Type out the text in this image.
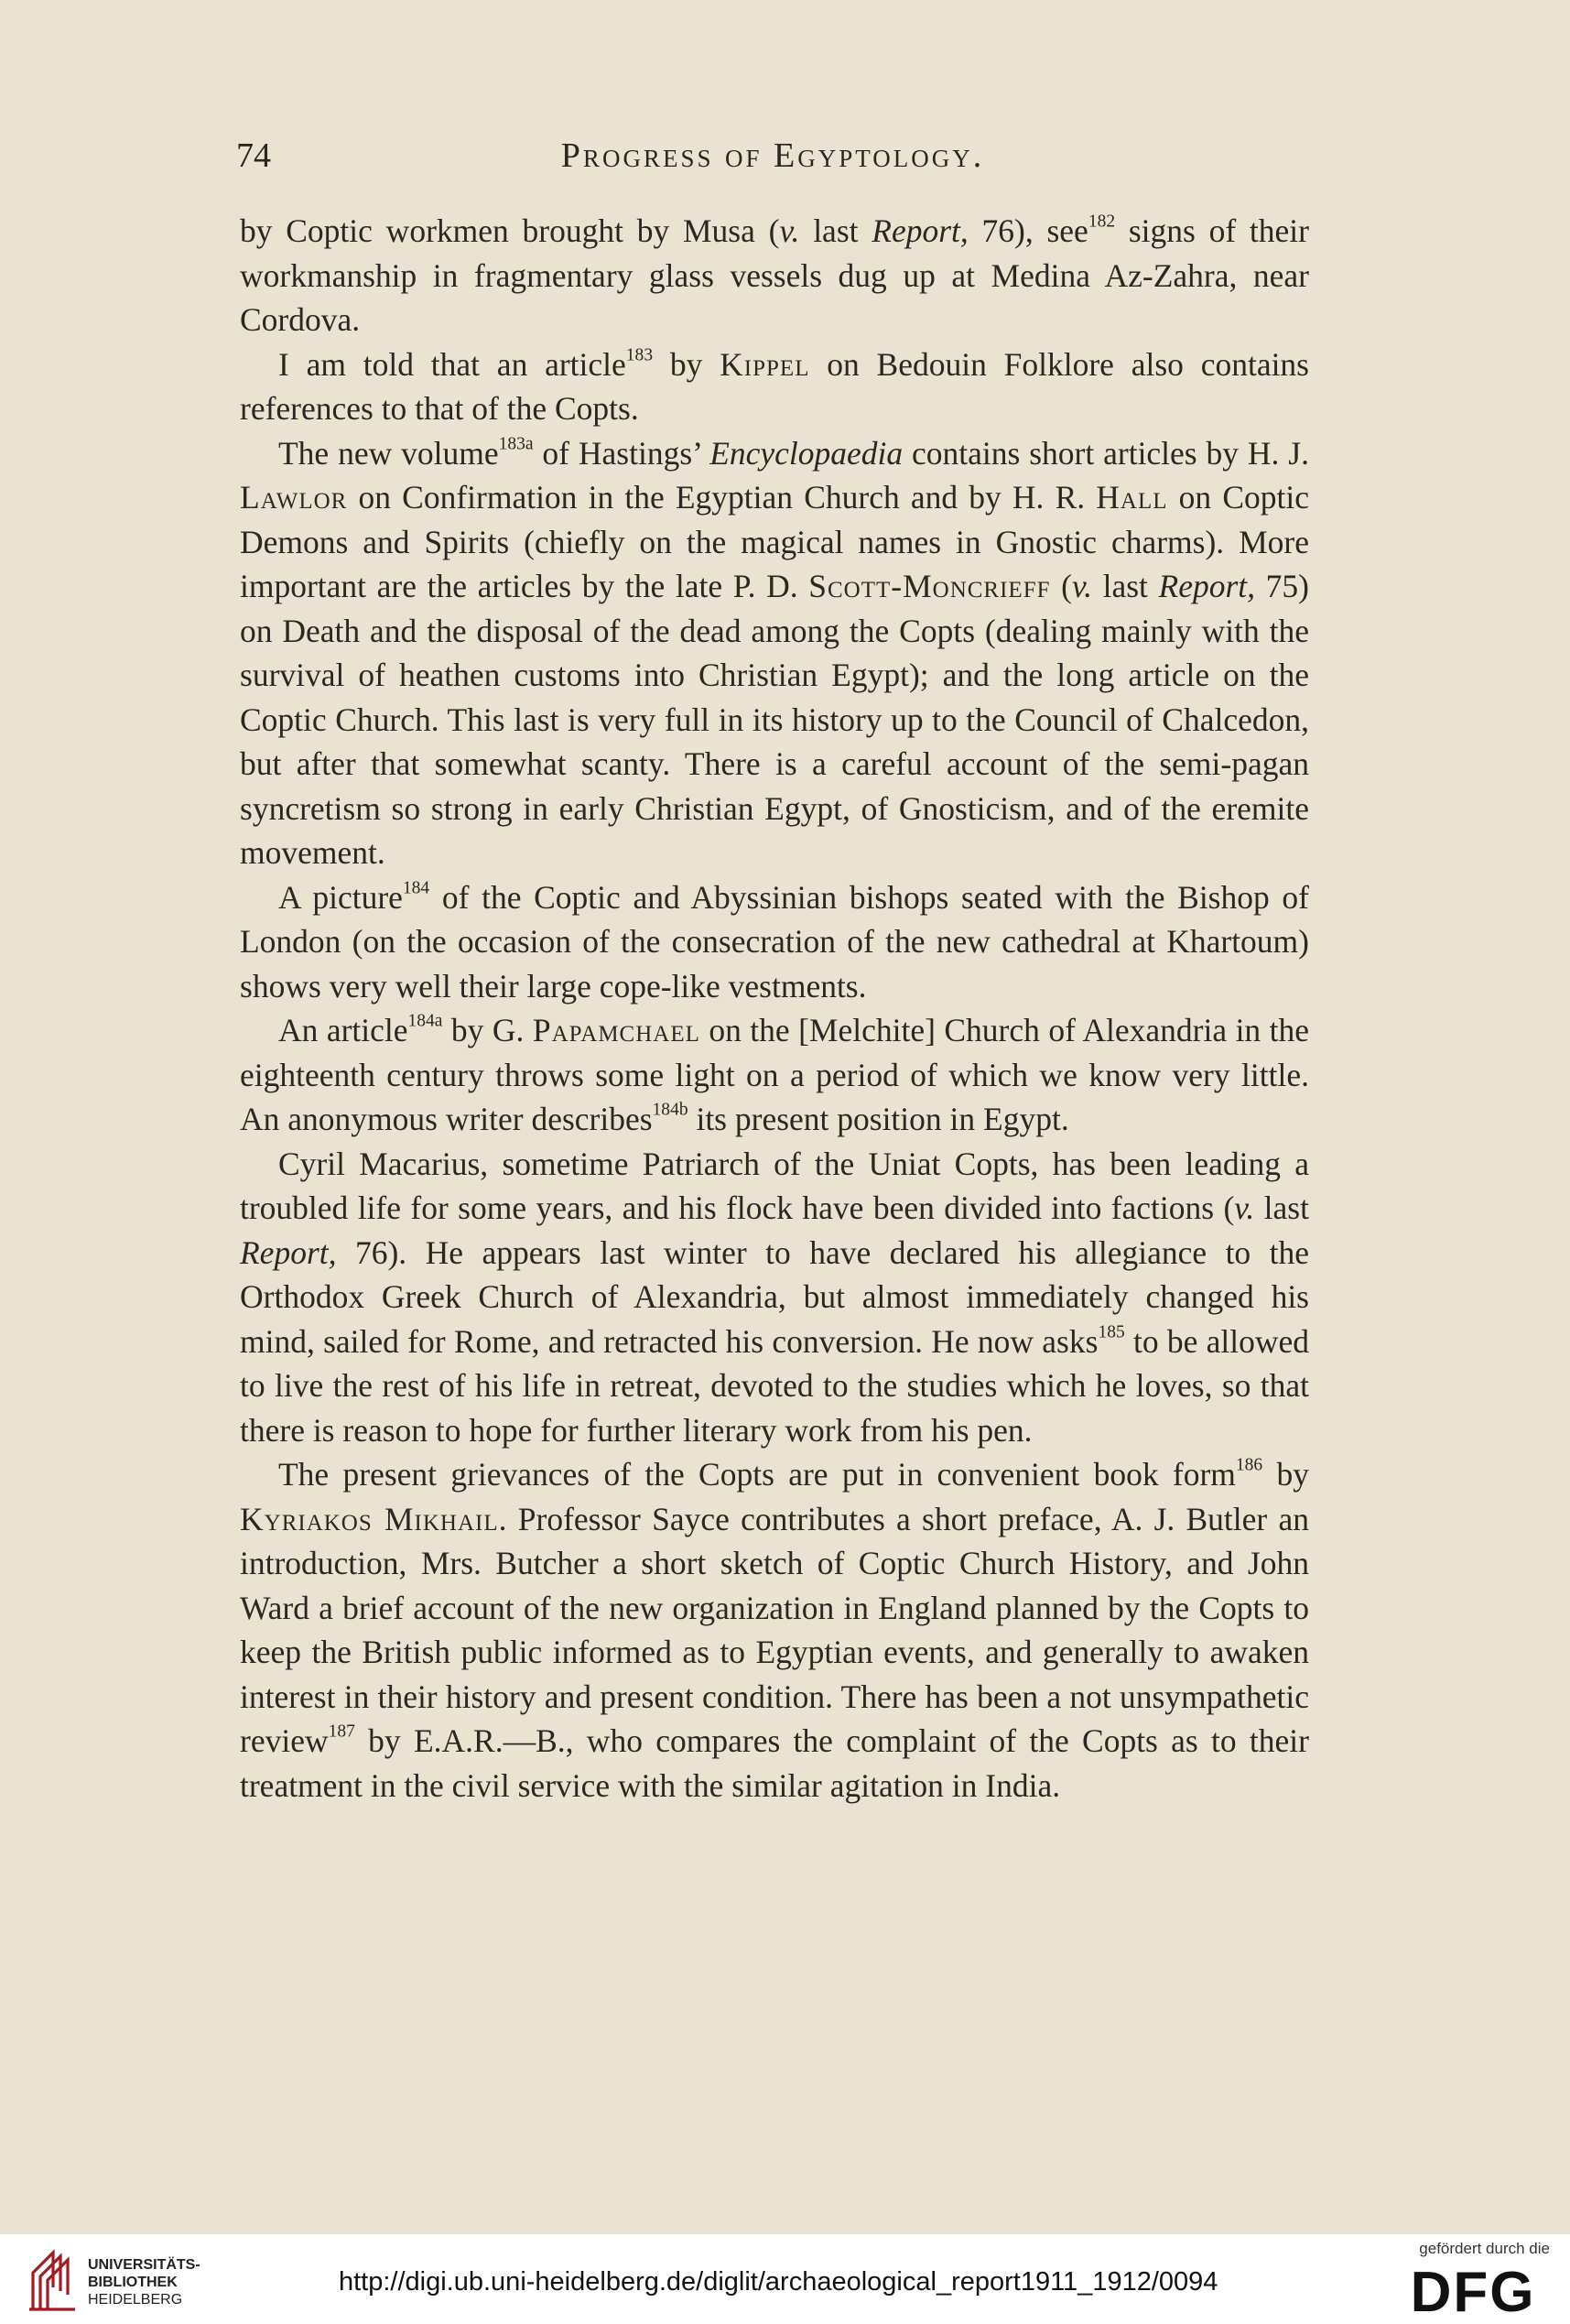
74	Progress of Egyptology.

by Coptic workmen brought by Musa (v. last Report, 76), see$^{182}$ signs of their workmanship in fragmentary glass vessels dug up at Medina Az-Zahra, near Cordova.

I am told that an article$^{183}$ by Kippel on Bedouin Folklore also contains references to that of the Copts.

The new volume$^{183a}$ of Hastings’ Encyclopaedia contains short articles by H. J. Lawlor on Confirmation in the Egyptian Church and by H. R. Hall on Coptic Demons and Spirits (chiefly on the magical names in Gnostic charms). More important are the articles by the late P. D. Scott-Moncrieff (v. last Report, 75) on Death and the disposal of the dead among the Copts (dealing mainly with the survival of heathen customs into Christian Egypt); and the long article on the Coptic Church. This last is very full in its history up to the Council of Chalcedon, but after that somewhat scanty. There is a careful account of the semi-pagan syncretism so strong in early Christian Egypt, of Gnosticism, and of the eremite movement.

A picture$^{184}$ of the Coptic and Abyssinian bishops seated with the Bishop of London (on the occasion of the consecration of the new cathedral at Khartoum) shows very well their large cope-like vestments.

An article$^{184a}$ by G. Papamchael on the [Melchite] Church of Alexandria in the eighteenth century throws some light on a period of which we know very little. An anonymous writer describes$^{184b}$ its present position in Egypt.

Cyril Macarius, sometime Patriarch of the Uniat Copts, has been leading a troubled life for some years, and his flock have been divided into factions (v. last Report, 76). He appears last winter to have declared his allegiance to the Orthodox Greek Church of Alexandria, but almost immediately changed his mind, sailed for Rome, and retracted his conversion. He now asks$^{185}$ to be allowed to live the rest of his life in retreat, devoted to the studies which he loves, so that there is reason to hope for further literary work from his pen.

The present grievances of the Copts are put in convenient book form$^{186}$ by Kyriakos Mikhail. Professor Sayce contributes a short preface, A. J. Butler an introduction, Mrs. Butcher a short sketch of Coptic Church History, and John Ward a brief account of the new organization in England planned by the Copts to keep the British public informed as to Egyptian events, and generally to awaken interest in their history and present condition. There has been a not unsympathetic review$^{187}$ by E.A.R.—B., who compares the complaint of the Copts as to their treatment in the civil service with the similar agitation in India.

UNIVERSITÄTS-
BIBLIOTHEK
HEIDELBERG
http://digi.ub.uni-heidelberg.de/diglit/archaeological_report1911_1912/0094
gefördert durch die
DFG
